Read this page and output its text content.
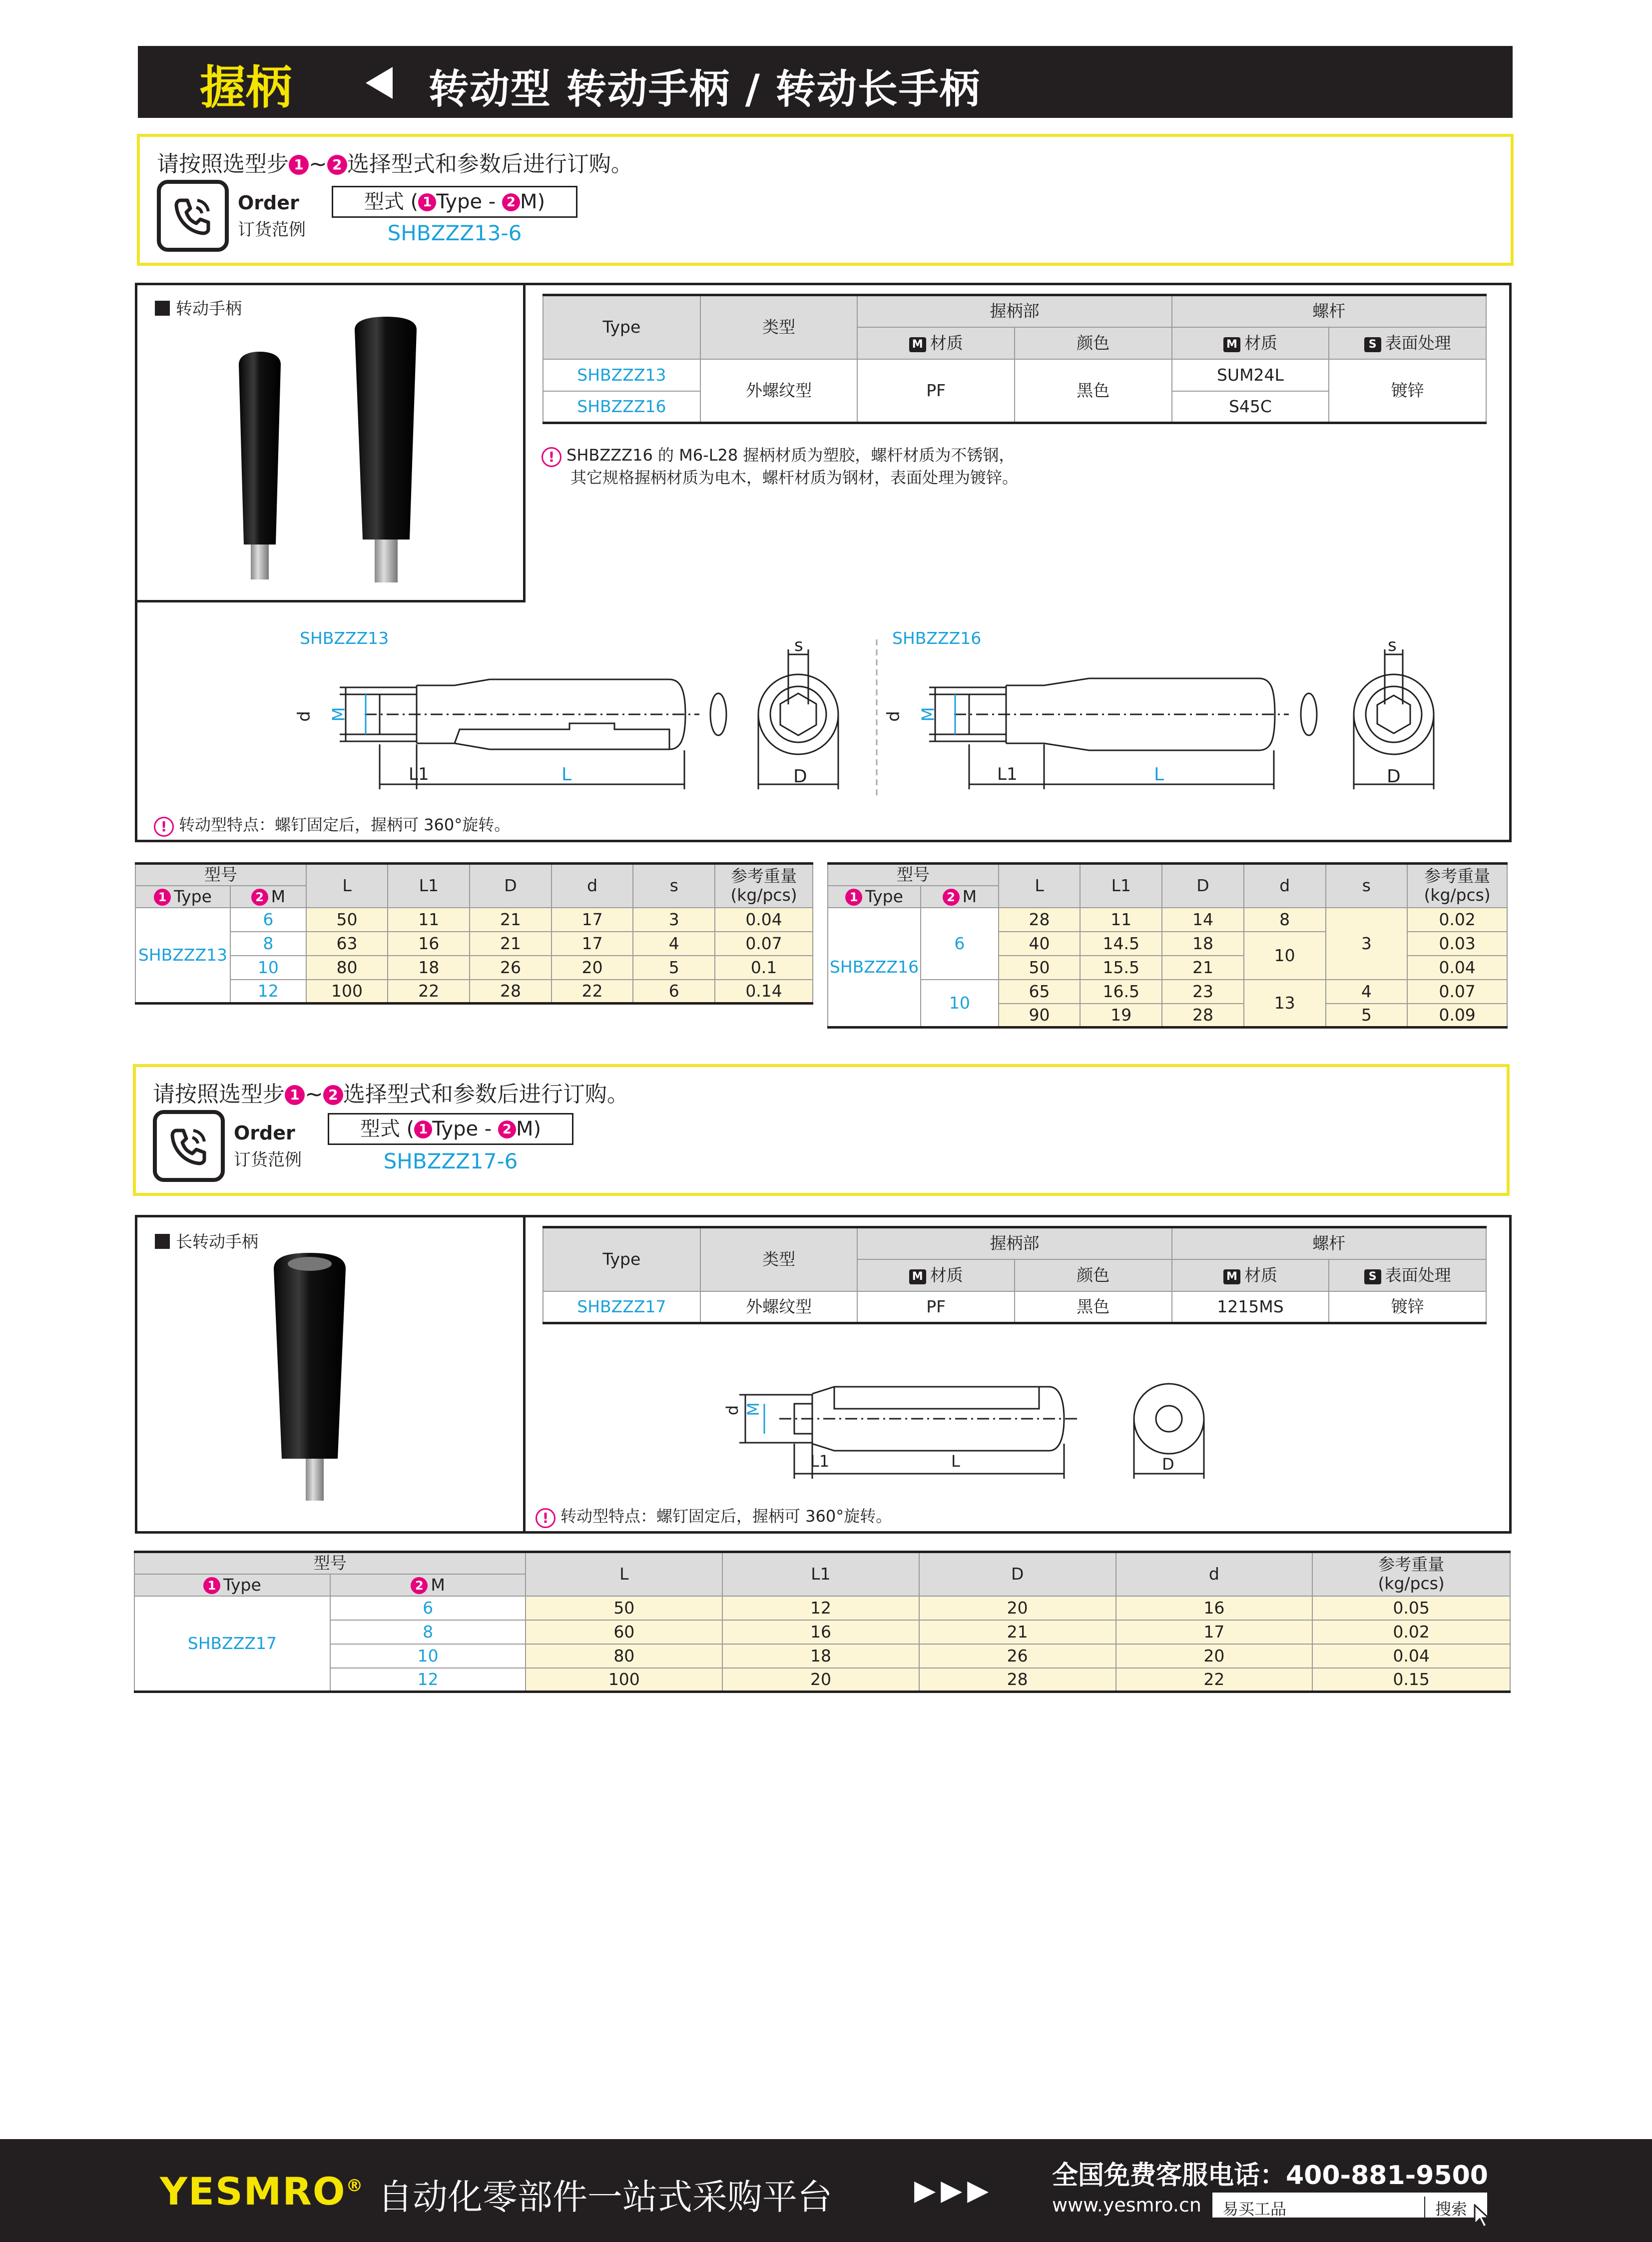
握柄	转动型 转动手柄 / 转动长手柄
请按照选型步 1 ~ 2 选择型式和参数后进行订购。
Order
订货范例
型式 ( 1 Type - 2 M)
SHBZZZ13-6
转动手柄
Type	类型	握柄部		螺杆	
		M 材质	颜色	M 材质	S 表面处理
SHBZZZ13	外螺纹型	PF	黑色	SUM24L	镀锌
SHBZZZ16				S45C	
! SHBZZZ16 的 M6-L28 握柄材质为塑胶，螺杆材质为不锈钢，
其它规格握柄材质为电木，螺杆材质为钢材，表面处理为镀锌。
SHBZZZ13	SHBZZZ16
d M
L1	L
s
D
d M
L1	L
s
D
! 转动型特点：螺钉固定后，握柄可 360°旋转。
型号		L	L1	D	d	s	参考重量
(kg/pcs)
1 Type	2 M						
SHBZZZ13	6	50	11	21	17	3	0.04
	8	63	16	21	17	4	0.07
	10	80	18	26	20	5	0.1
	12	100	22	28	22	6	0.14
型号		L	L1	D	d	s	参考重量
(kg/pcs)
1 Type	2 M						
SHBZZZ16	6	28	11	14	8	3	0.02
		40	14.5	18	10		0.03
		50	15.5	21			0.04
	10	65	16.5	23	13	4	0.07
		90	19	28		5	0.09
请按照选型步 1 ~ 2 选择型式和参数后进行订购。
Order
订货范例
型式 ( 1 Type - 2 M)
SHBZZZ17-6
长转动手柄
Type	类型	握柄部		螺杆	
		M 材质	颜色	M 材质	S 表面处理
SHBZZZ17	外螺纹型	PF	黑色	1215MS	镀锌
d M
L1	L	D
! 转动型特点：螺钉固定后，握柄可 360°旋转。
型号		L	L1	D	d	参考重量
(kg/pcs)
1 Type	2 M					
SHBZZZ17	6	50	12	20	16	0.05
	8	60	16	21	17	0.02
	10	80	18	26	20	0.04
	12	100	20	28	22	0.15
YESMRO® 自动化零部件一站式采购平台	▶▶▶ 全国免费客服电话：400-881-9500
www.yesmro.cn 易买工品	搜索
